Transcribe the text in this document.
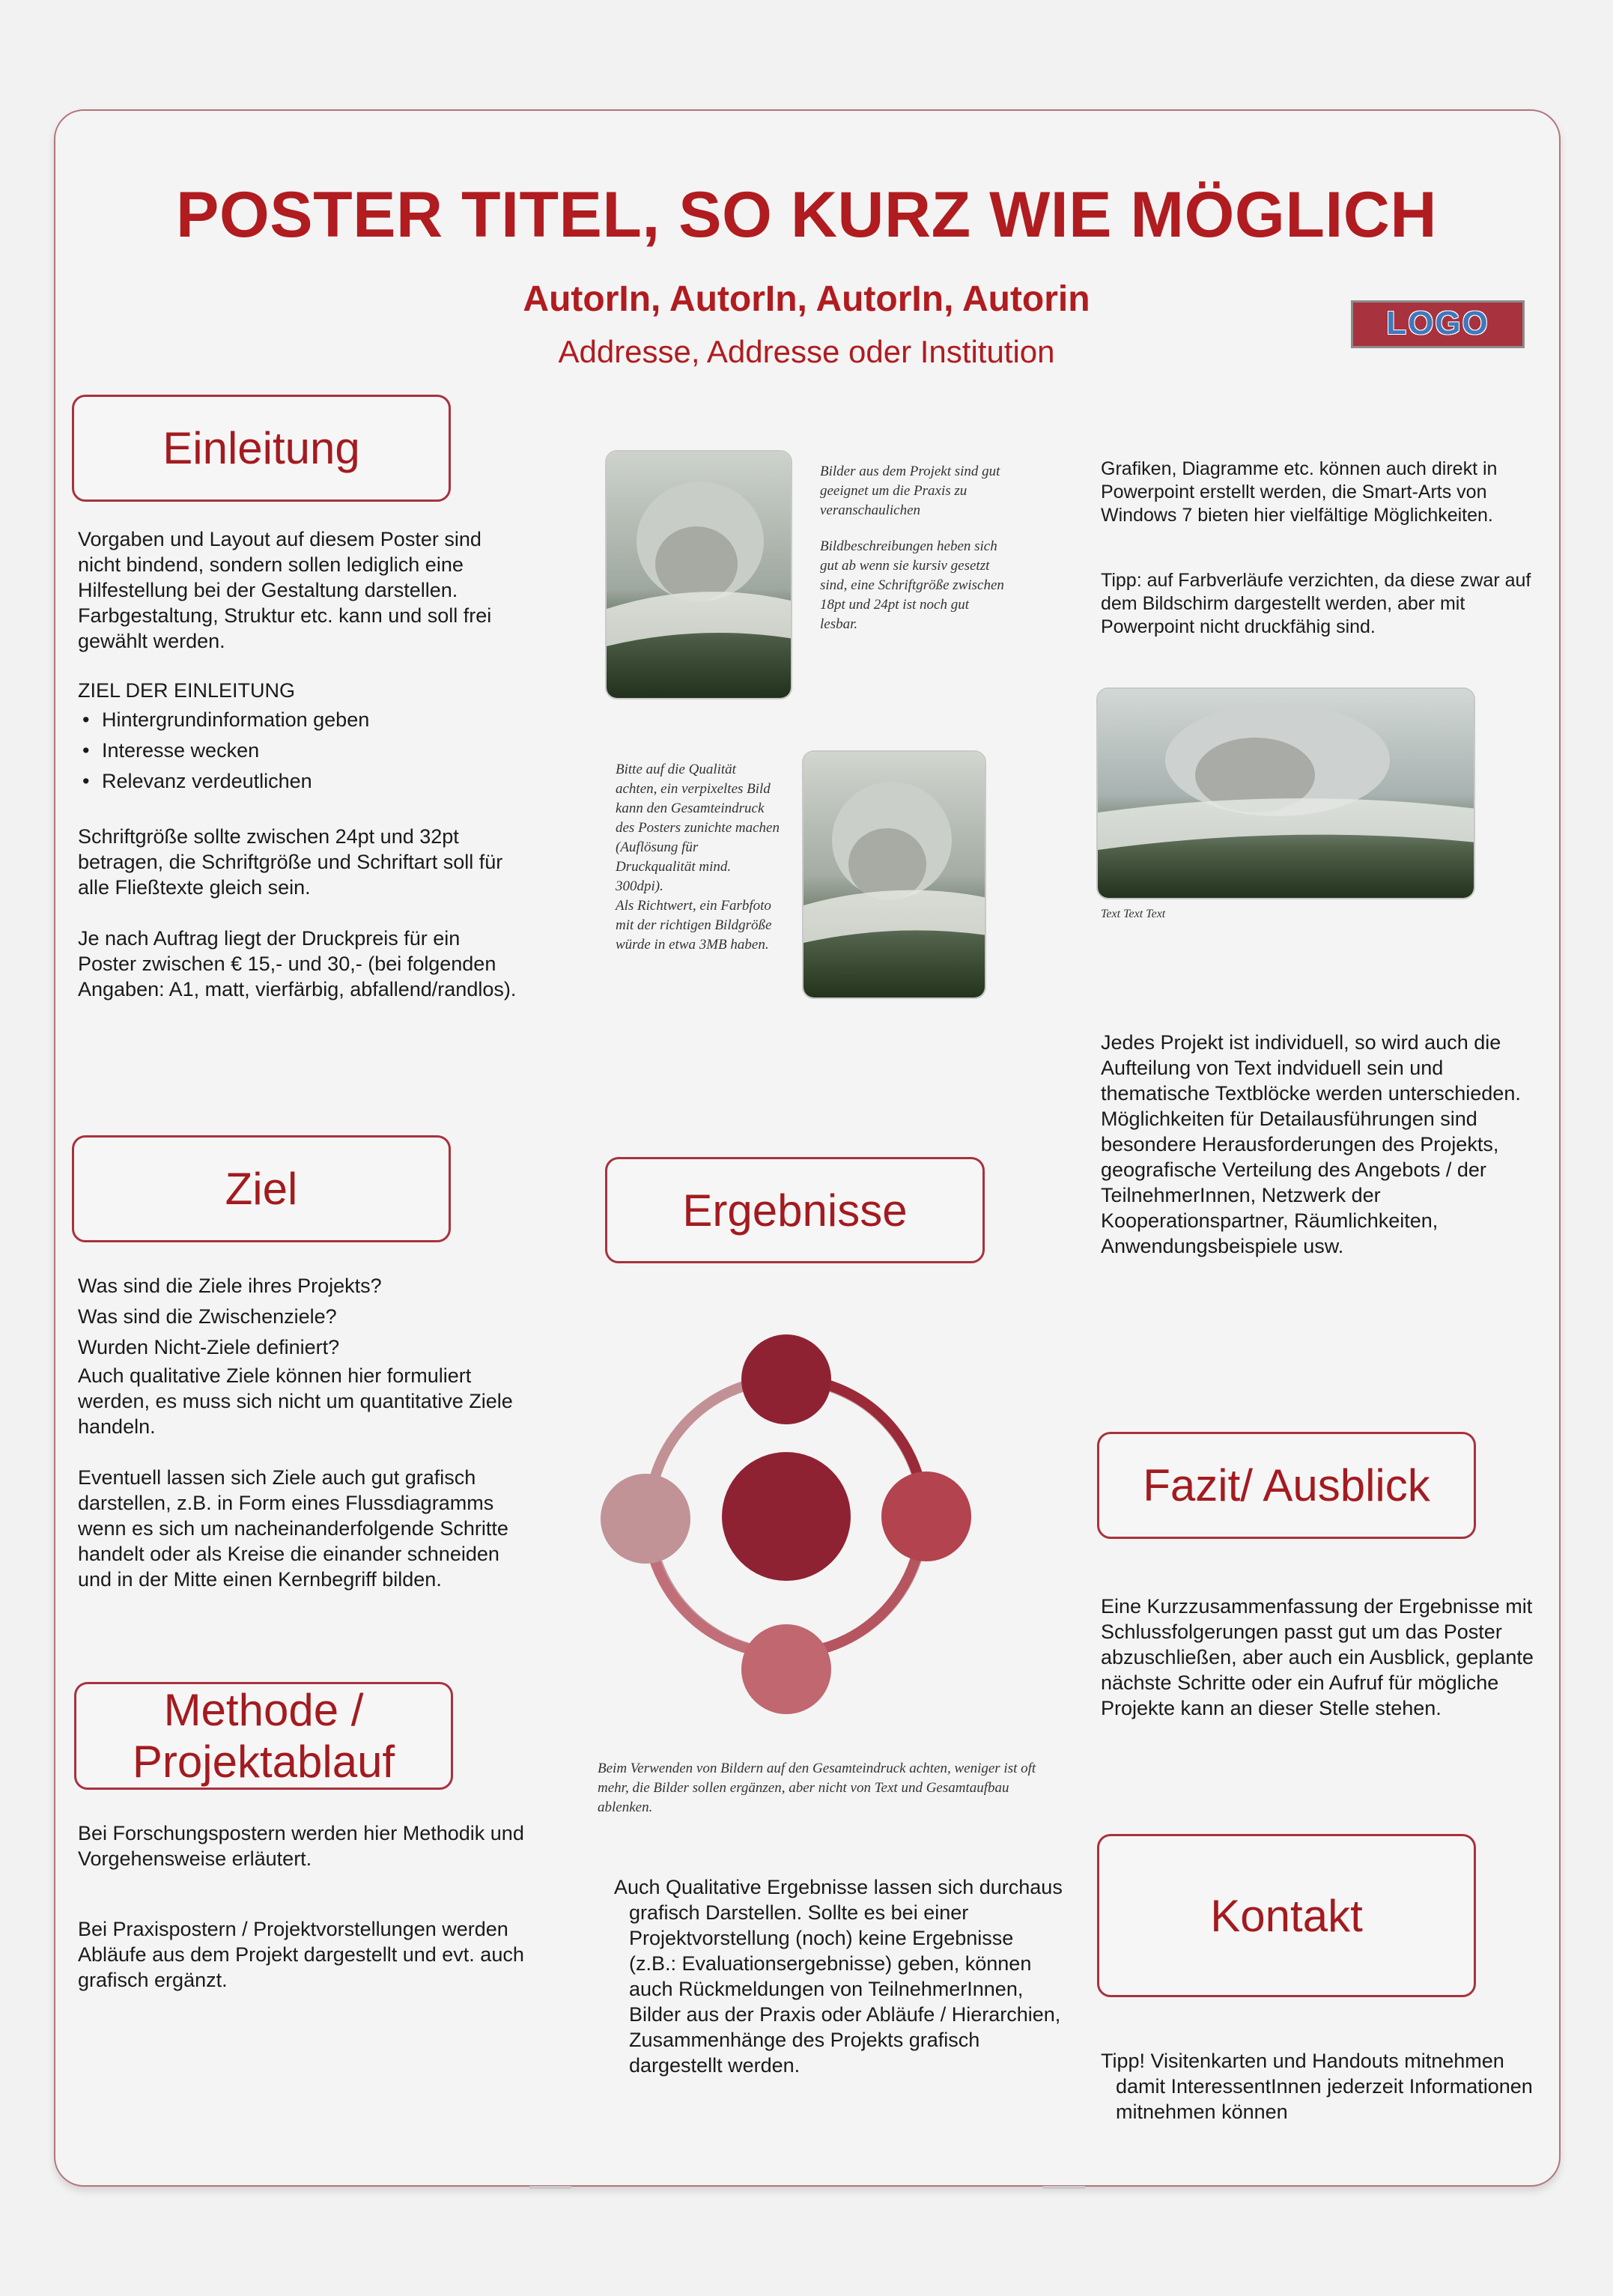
POSTER TITEL, SO KURZ WIE MÖGLICH
AutorIn, AutorIn, AutorIn, Autorin
Addresse, Addresse oder Institution
LOGO
Einleitung

Vorgaben und Layout auf diesem Poster sind nicht bindend, sondern sollen lediglich eine Hilfestellung bei der Gestaltung darstellen. Farbgestaltung, Struktur etc. kann und soll frei gewählt werden.

ZIEL DER EINLEITUNG

• Hintergrundinformation geben
• Interesse wecken
• Relevanz verdeutlichen

Schriftgröße sollte zwischen 24pt und 32pt betragen, die Schriftgröße und Schriftart soll für alle Fließtexte gleich sein.

Je nach Auftrag liegt der Druckpreis für ein Poster zwischen € 15,- und 30,- (bei folgenden Angaben: A1, matt, vierfärbig, abfallend/randlos).

Ziel

Was sind die Ziele ihres Projekts?

Was sind die Zwischenziele?

Wurden Nicht-Ziele definiert?

Auch qualitative Ziele können hier formuliert werden, es muss sich nicht um quantitative Ziele handeln.

Eventuell lassen sich Ziele auch gut grafisch darstellen, z.B. in Form eines Flussdiagramms wenn es sich um nacheinanderfolgende Schritte handelt oder als Kreise die einander schneiden und in der Mitte einen Kernbegriff bilden.

Methode /
Projektablauf

Bei Forschungspostern werden hier Methodik und Vorgehensweise erläutert.

Bei Praxispostern / Projektvorstellungen werden Abläufe aus dem Projekt dargestellt und evt. auch grafisch ergänzt.

Bilder aus dem Projekt sind gut geeignet um die Praxis zu veranschaulichen
Bildbeschreibungen heben sich gut ab wenn sie kursiv gesetzt sind, eine Schriftgröße zwischen 18pt und 24pt ist noch gut lesbar.
Bitte auf die Qualität achten, ein verpixeltes Bild kann den Gesamteindruck des Posters zunichte machen (Auflösung für Druckqualität mind. 300dpi).
Als Richtwert, ein Farbfoto mit der richtigen Bildgröße würde in etwa 3MB haben.
Ergebnisse
Beim Verwenden von Bildern auf den Gesamteindruck achten, weniger ist oft mehr, die Bilder sollen ergänzen, aber nicht von Text und Gesamtaufbau ablenken.

Auch Qualitative Ergebnisse lassen sich durchaus grafisch Darstellen. Sollte es bei einer Projektvorstellung (noch) keine Ergebnisse (z.B.: Evaluationsergebnisse) geben, können auch Rückmeldungen von TeilnehmerInnen, Bilder aus der Praxis oder Abläufe / Hierarchien, Zusammenhänge des Projekts grafisch dargestellt werden.

Grafiken, Diagramme etc. können auch direkt in Powerpoint erstellt werden, die Smart-Arts von Windows 7 bieten hier vielfältige Möglichkeiten.
Tipp: auf Farbverläufe verzichten, da diese zwar auf dem Bildschirm dargestellt werden, aber mit Powerpoint nicht druckfähig sind.
Text Text Text
Jedes Projekt ist individuell, so wird auch die Aufteilung von Text indviduell sein und thematische Textblöcke werden unterschieden. Möglichkeiten für Detailausführungen sind besondere Herausforderungen des Projekts, geografische Verteilung des Angebots / der TeilnehmerInnen, Netzwerk der Kooperationspartner, Räumlichkeiten, Anwendungsbeispiele usw.
Fazit/ Ausblick
Eine Kurzzusammenfassung der Ergebnisse mit Schlussfolgerungen passt gut um das Poster abzuschließen, aber auch ein Ausblick, geplante nächste Schritte oder ein Aufruf für mögliche Projekte kann an dieser Stelle stehen.
Kontakt

Tipp! Visitenkarten und Handouts mitnehmen damit InteressentInnen jederzeit Informationen mitnehmen können
